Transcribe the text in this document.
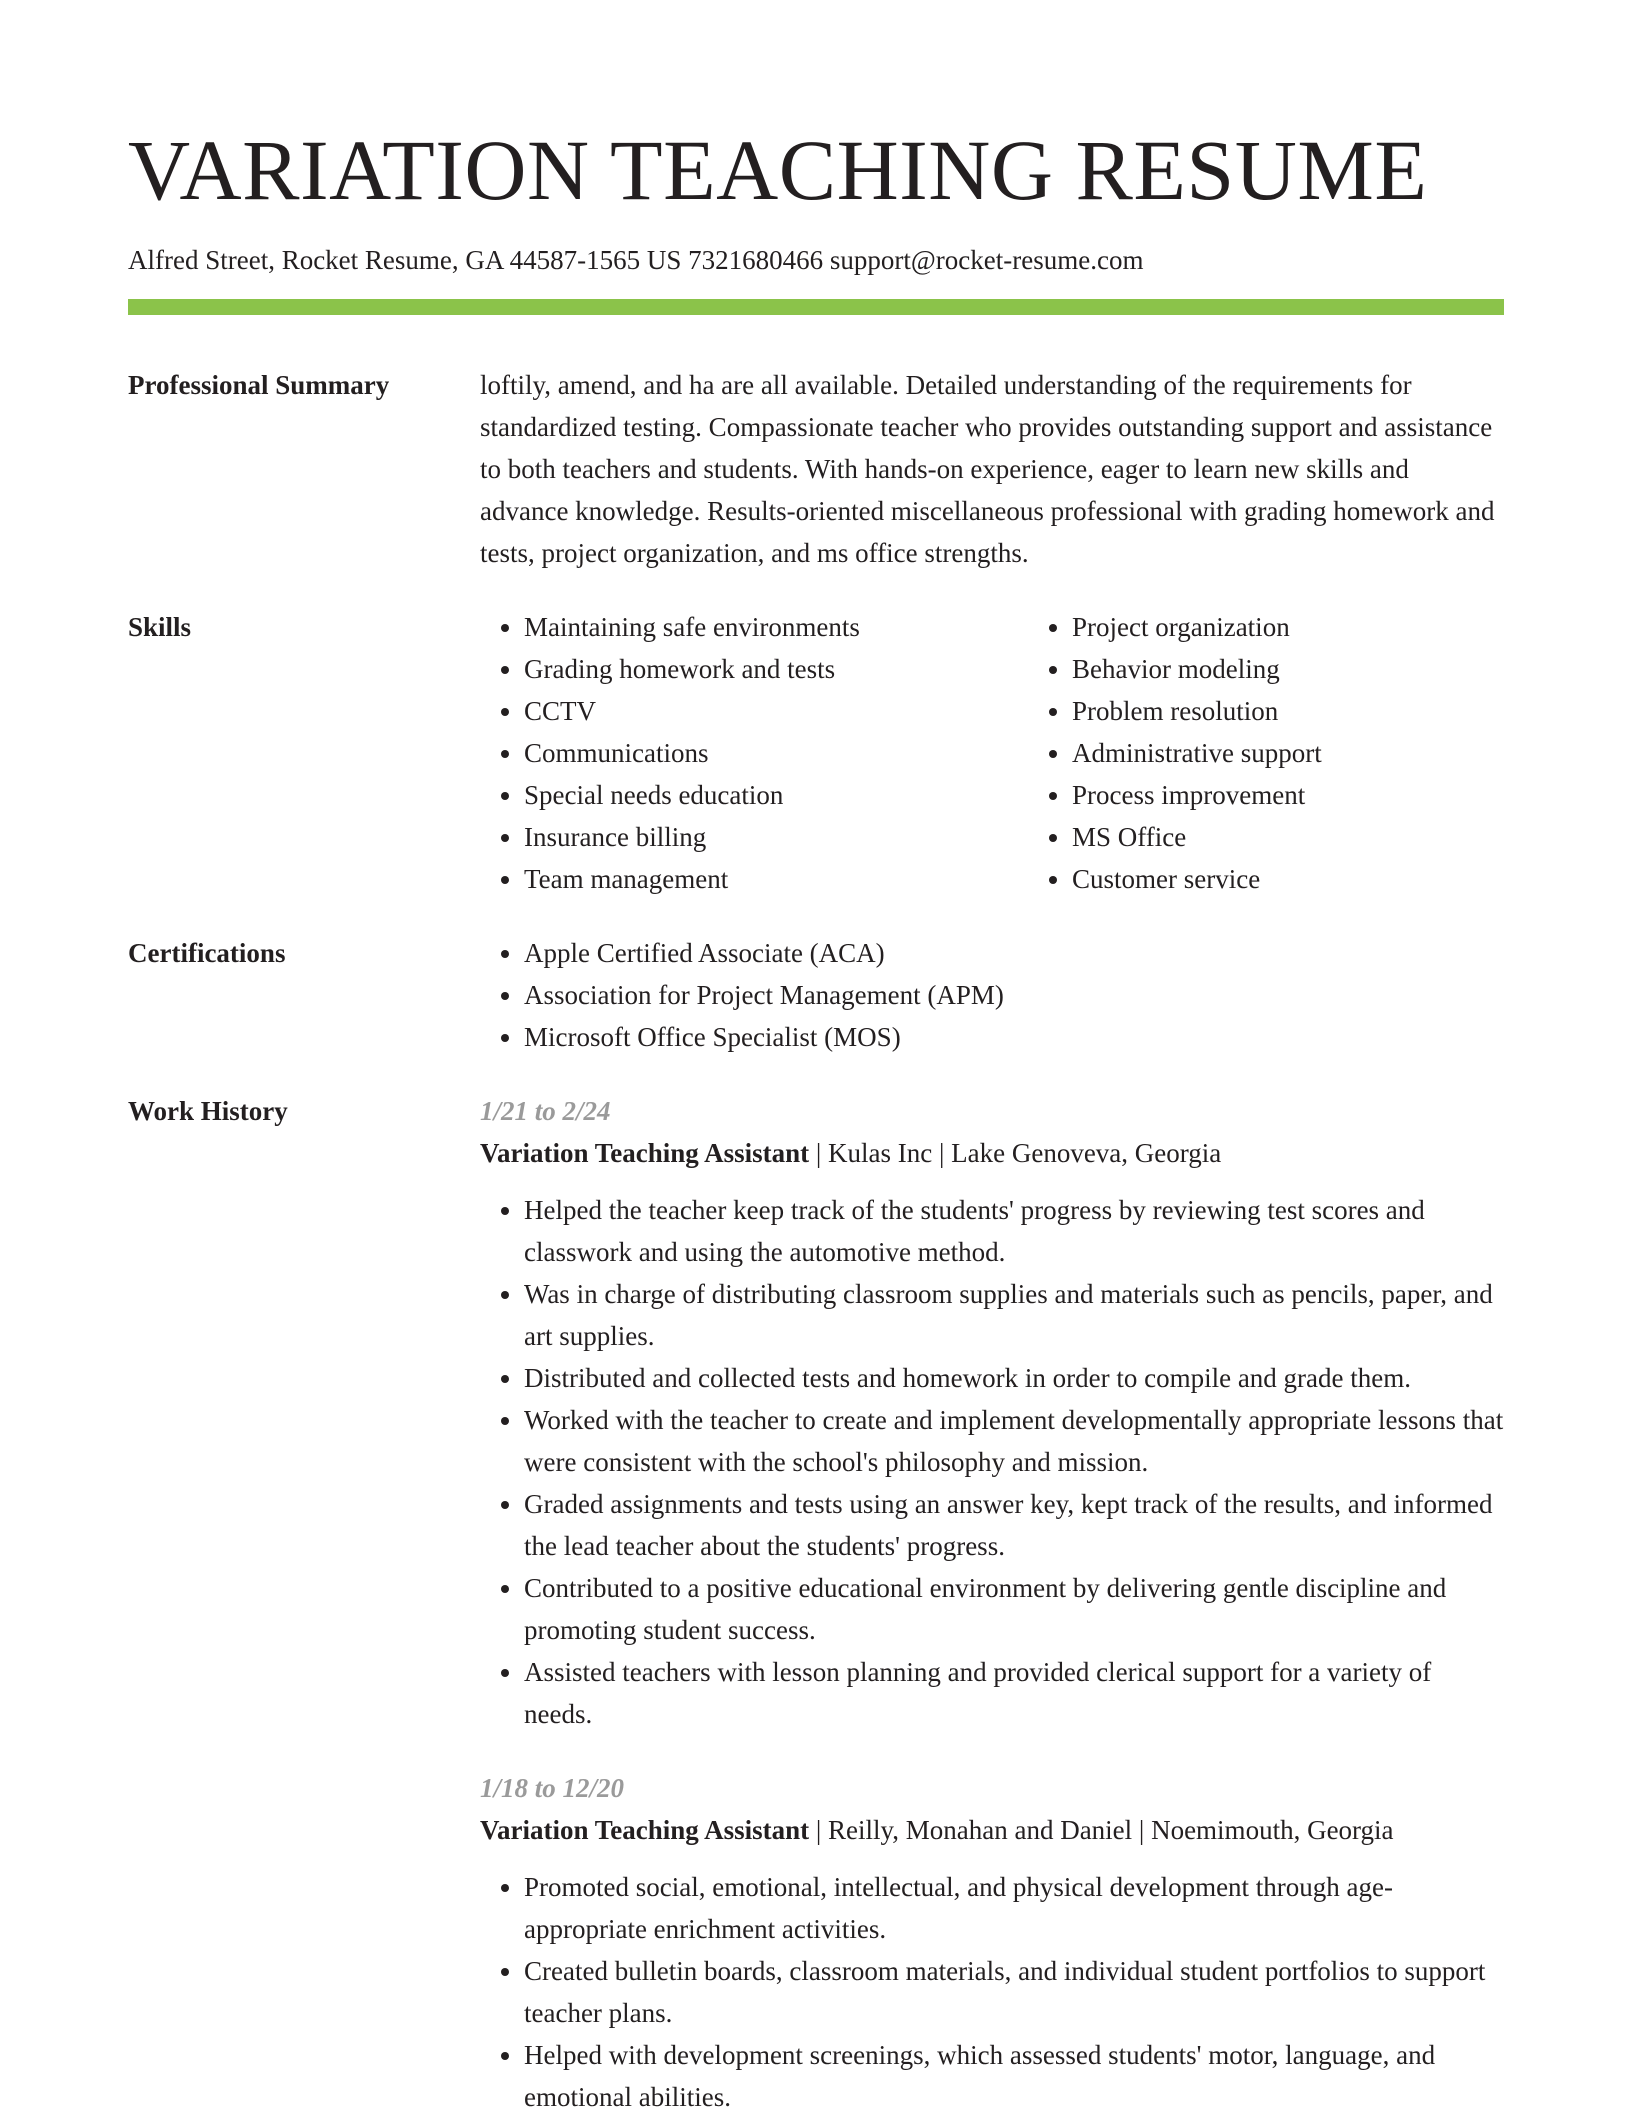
VARIATION TEACHING RESUME
Alfred Street, Rocket Resume, GA 44587-1565 US 7321680466 support@rocket-resume.com
Professional Summary	loftily, amend, and ha are all available. Detailed understanding of the requirements for standardized testing. Compassionate teacher who provides outstanding support and assistance to both teachers and students. With hands-on experience, eager to learn new skills and advance knowledge. Results-oriented miscellaneous professional with grading homework and tests, project organization, and ms office strengths.

Skills	• Maintaining safe environments
• Grading homework and tests
• CCTV
• Communications
• Special needs education
• Insurance billing
• Team management
• Project organization
• Behavior modeling
• Problem resolution
• Administrative support
• Process improvement
• MS Office
• Customer service
Certifications	• Apple Certified Associate (ACA)
• Association for Project Management (APM)
• Microsoft Office Specialist (MOS)
Work History	1/21 to 2/24
Variation Teaching Assistant | Kulas Inc | Lake Genoveva, Georgia
• Helped the teacher keep track of the students' progress by reviewing test scores and classwork and using the automotive method.
• Was in charge of distributing classroom supplies and materials such as pencils, paper, and art supplies.
• Distributed and collected tests and homework in order to compile and grade them.
• Worked with the teacher to create and implement developmentally appropriate lessons that were consistent with the school's philosophy and mission.
• Graded assignments and tests using an answer key, kept track of the results, and informed the lead teacher about the students' progress.
• Contributed to a positive educational environment by delivering gentle discipline and promoting student success.
• Assisted teachers with lesson planning and provided clerical support for a variety of needs.
1/18 to 12/20
Variation Teaching Assistant | Reilly, Monahan and Daniel | Noemimouth, Georgia
• Promoted social, emotional, intellectual, and physical development through age-appropriate enrichment activities.
• Created bulletin boards, classroom materials, and individual student portfolios to support teacher plans.
• Helped with development screenings, which assessed students' motor, language, and emotional abilities.
